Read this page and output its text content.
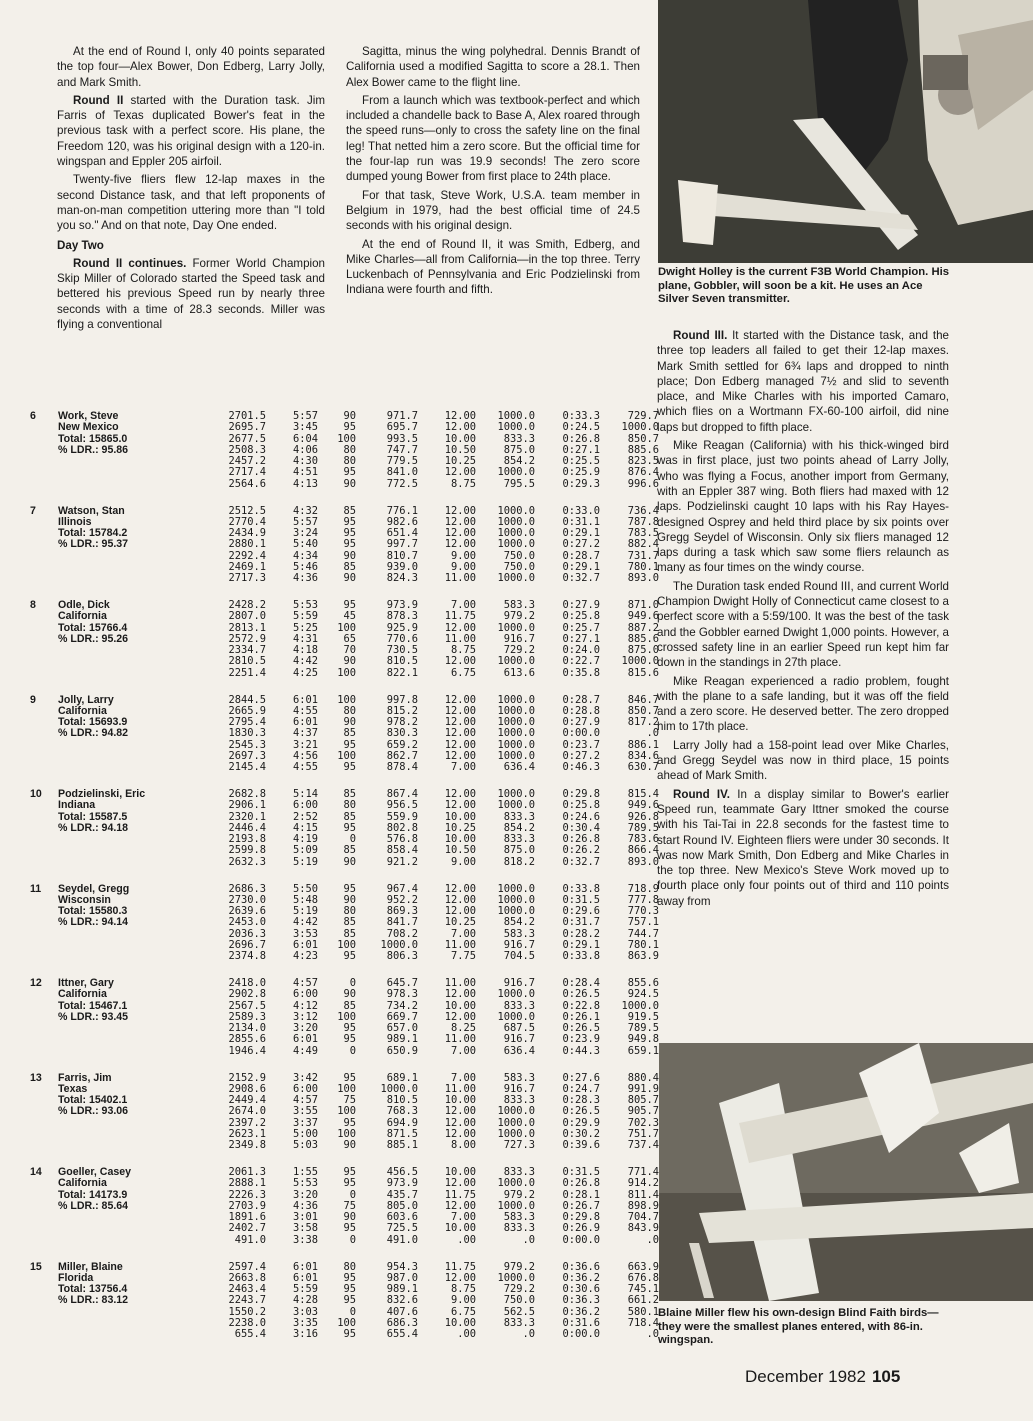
At the end of Round I, only 40 points separated the top four—Alex Bower, Don Edberg, Larry Jolly, and Mark Smith.

Round II started with the Duration task. Jim Farris of Texas duplicated Bower's feat in the previous task with a perfect score. His plane, the Freedom 120, was his original design with a 120-in. wingspan and Eppler 205 airfoil.

Twenty-five fliers flew 12-lap maxes in the second Distance task, and that left proponents of man-on-man competition uttering more than "I told you so." And on that note, Day One ended.

Day Two

Round II continues. Former World Champion Skip Miller of Colorado started the Speed task and bettered his previous Speed run by nearly three seconds with a time of 28.3 seconds. Miller was flying a conventional

Sagitta, minus the wing polyhedral. Dennis Brandt of California used a modified Sagitta to score a 28.1. Then Alex Bower came to the flight line.

From a launch which was textbook-perfect and which included a chandelle back to Base A, Alex roared through the speed runs—only to cross the safety line on the final leg! That netted him a zero score. But the official time for the four-lap run was 19.9 seconds! The zero score dumped young Bower from first place to 24th place.

For that task, Steve Work, U.S.A. team member in Belgium in 1979, had the best official time of 24.5 seconds with his original design.

At the end of Round II, it was Smith, Edberg, and Mike Charles—all from California—in the top three. Terry Luckenbach of Pennsylvania and Eric Podzielinski from Indiana were fourth and fifth.

Dwight Holley is the current F3B World Champion. His plane, Gobbler, will soon be a kit. He uses an Ace Silver Seven transmitter.

Round III. It started with the Distance task, and the three top leaders all failed to get their 12-lap maxes. Mark Smith settled for 6¾ laps and dropped to ninth place; Don Edberg managed 7½ and slid to seventh place, and Mike Charles with his imported Camaro, which flies on a Wortmann FX-60-100 airfoil, did nine laps but dropped to fifth place.

Mike Reagan (California) with his thick-winged bird was in first place, just two points ahead of Larry Jolly, who was flying a Focus, another import from Germany, with an Eppler 387 wing. Both fliers had maxed with 12 laps. Podzielinski caught 10 laps with his Ray Hayes-designed Osprey and held third place by six points over Gregg Seydel of Wisconsin. Only six fliers managed 12 laps during a task which saw some fliers relaunch as many as four times on the windy course.

The Duration task ended Round III, and current World Champion Dwight Holly of Connecticut came closest to a perfect score with a 5:59/100. It was the best of the task and the Gobbler earned Dwight 1,000 points. However, a crossed safety line in an earlier Speed run kept him far down in the standings in 27th place.

Mike Reagan experienced a radio problem, fought with the plane to a safe landing, but it was off the field and a zero score. He deserved better. The zero dropped him to 17th place.

Larry Jolly had a 158-point lead over Mike Charles, and Gregg Seydel was now in third place, 15 points ahead of Mark Smith.

Round IV. In a display similar to Bower's earlier Speed run, teammate Gary Ittner smoked the course with his Tai-Tai in 22.8 seconds for the fastest time to start Round IV. Eighteen fliers were under 30 seconds. It was now Mark Smith, Don Edberg and Mike Charles in the top three. New Mexico's Steve Work moved up to fourth place only four points out of third and 110 points away from

Blaine Miller flew his own-design Blind Faith birds—they were the smallest planes entered, with 86-in. wingspan.
6	Work, Steve
New Mexico
Total: 15865.0
% LDR.: 95.86
2701.5	5:57	90	971.7	12.00	1000.0	0:33.3	729.7
2695.7	3:45	95	695.7	12.00	1000.0	0:24.5	1000.0
2677.5	6:04	100	993.5	10.00	833.3	0:26.8	850.7
2508.3	4:06	80	747.7	10.50	875.0	0:27.1	885.6
2457.2	4:30	80	779.5	10.25	854.2	0:25.5	823.5
2717.4	4:51	95	841.0	12.00	1000.0	0:25.9	876.4
2564.6	4:13	90	772.5	8.75	795.5	0:29.3	996.6
7	Watson, Stan
Illinois
Total: 15784.2
% LDR.: 95.37
2512.5	4:32	85	776.1	12.00	1000.0	0:33.0	736.4
2770.4	5:57	95	982.6	12.00	1000.0	0:31.1	787.8
2434.9	3:24	95	651.4	12.00	1000.0	0:29.1	783.5
2880.1	5:40	95	997.7	12.00	1000.0	0:27.2	882.4
2292.4	4:34	90	810.7	9.00	750.0	0:28.7	731.7
2469.1	5:46	85	939.0	9.00	750.0	0:29.1	780.1
2717.3	4:36	90	824.3	11.00	1000.0	0:32.7	893.0
8	Odle, Dick
California
Total: 15766.4
% LDR.: 95.26
2428.2	5:53	95	973.9	7.00	583.3	0:27.9	871.0
2807.0	5:59	45	878.3	11.75	979.2	0:25.8	949.6
2813.1	5:25	100	925.9	12.00	1000.0	0:25.7	887.2
2572.9	4:31	65	770.6	11.00	916.7	0:27.1	885.6
2334.7	4:18	70	730.5	8.75	729.2	0:24.0	875.0
2810.5	4:42	90	810.5	12.00	1000.0	0:22.7	1000.0
2251.4	4:25	100	822.1	6.75	613.6	0:35.8	815.6
9	Jolly, Larry
California
Total: 15693.9
% LDR.: 94.82
2844.5	6:01	100	997.8	12.00	1000.0	0:28.7	846.7
2665.9	4:55	80	815.2	12.00	1000.0	0:28.8	850.7
2795.4	6:01	90	978.2	12.00	1000.0	0:27.9	817.2
1830.3	4:37	85	830.3	12.00	1000.0	0:00.0	.0
2545.3	3:21	95	659.2	12.00	1000.0	0:23.7	886.1
2697.3	4:56	100	862.7	12.00	1000.0	0:27.2	834.6
2145.4	4:55	95	878.4	7.00	636.4	0:46.3	630.7
10	Podzielinski, Eric
Indiana
Total: 15587.5
% LDR.: 94.18
2682.8	5:14	85	867.4	12.00	1000.0	0:29.8	815.4
2906.1	6:00	80	956.5	12.00	1000.0	0:25.8	949.6
2320.1	2:52	85	559.9	10.00	833.3	0:24.6	926.8
2446.4	4:15	95	802.8	10.25	854.2	0:30.4	789.5
2193.8	4:19	0	576.8	10.00	833.3	0:26.8	783.6
2599.8	5:09	85	858.4	10.50	875.0	0:26.2	866.4
2632.3	5:19	90	921.2	9.00	818.2	0:32.7	893.0
11	Seydel, Gregg
Wisconsin
Total: 15580.3
% LDR.: 94.14
2686.3	5:50	95	967.4	12.00	1000.0	0:33.8	718.9
2730.0	5:48	90	952.2	12.00	1000.0	0:31.5	777.8
2639.6	5:19	80	869.3	12.00	1000.0	0:29.6	770.3
2453.0	4:42	85	841.7	10.25	854.2	0:31.7	757.1
2036.3	3:53	85	708.2	7.00	583.3	0:28.2	744.7
2696.7	6:01	100	1000.0	11.00	916.7	0:29.1	780.1
2374.8	4:23	95	806.3	7.75	704.5	0:33.8	863.9
12	Ittner, Gary
California
Total: 15467.1
% LDR.: 93.45
2418.0	4:57	0	645.7	11.00	916.7	0:28.4	855.6
2902.8	6:00	90	978.3	12.00	1000.0	0:26.5	924.5
2567.5	4:12	85	734.2	10.00	833.3	0:22.8	1000.0
2589.3	3:12	100	669.7	12.00	1000.0	0:26.1	919.5
2134.0	3:20	95	657.0	8.25	687.5	0:26.5	789.5
2855.6	6:01	95	989.1	11.00	916.7	0:23.9	949.8
1946.4	4:49	0	650.9	7.00	636.4	0:44.3	659.1
13	Farris, Jim
Texas
Total: 15402.1
% LDR.: 93.06
2152.9	3:42	95	689.1	7.00	583.3	0:27.6	880.4
2908.6	6:00	100	1000.0	11.00	916.7	0:24.7	991.9
2449.4	4:57	75	810.5	10.00	833.3	0:28.3	805.7
2674.0	3:55	100	768.3	12.00	1000.0	0:26.5	905.7
2397.2	3:37	95	694.9	12.00	1000.0	0:29.9	702.3
2623.1	5:00	100	871.5	12.00	1000.0	0:30.2	751.7
2349.8	5:03	90	885.1	8.00	727.3	0:39.6	737.4
14	Goeller, Casey
California
Total: 14173.9
% LDR.: 85.64
2061.3	1:55	95	456.5	10.00	833.3	0:31.5	771.4
2888.1	5:53	95	973.9	12.00	1000.0	0:26.8	914.2
2226.3	3:20	0	435.7	11.75	979.2	0:28.1	811.4
2703.9	4:36	75	805.0	12.00	1000.0	0:26.7	898.9
1891.6	3:01	90	603.6	7.00	583.3	0:29.8	704.7
2402.7	3:58	95	725.5	10.00	833.3	0:26.9	843.9
491.0	3:38	0	491.0	.00	.0	0:00.0	.0
15	Miller, Blaine
Florida
Total: 13756.4
% LDR.: 83.12
2597.4	6:01	80	954.3	11.75	979.2	0:36.6	663.9
2663.8	6:01	95	987.0	12.00	1000.0	0:36.2	676.8
2463.4	5:59	95	989.1	8.75	729.2	0:30.6	745.1
2243.7	4:28	95	832.6	9.00	750.0	0:36.3	661.2
1550.2	3:03	0	407.6	6.75	562.5	0:36.2	580.1
2238.0	3:35	100	686.3	10.00	833.3	0:31.6	718.4
655.4	3:16	95	655.4	.00	.0	0:00.0	.0
December 1982 105
